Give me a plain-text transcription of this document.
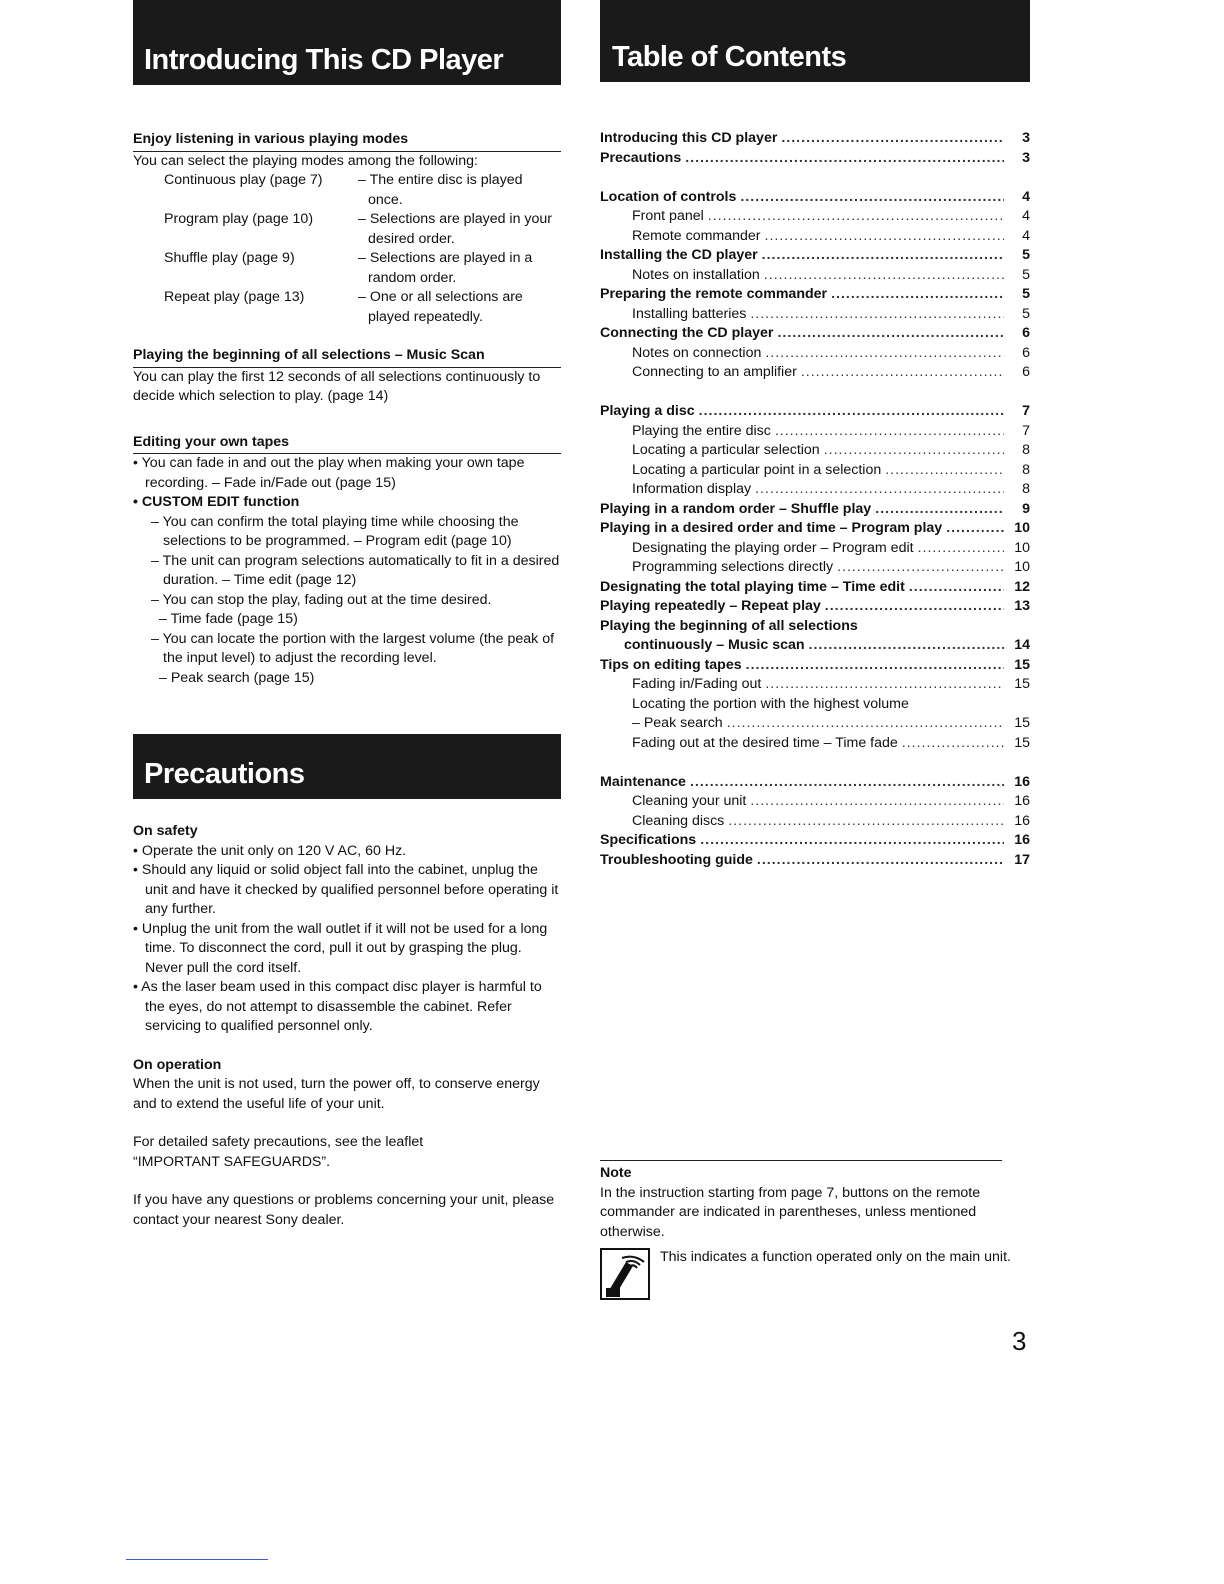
Introducing This CD Player	Table of Contents
Enjoy listening in various playing modes

You can select the playing modes among the following:

Continuous play (page 7)	– The entire disc is played once.
Program play (page 10)	– Selections are played in your desired order.
Shuffle play (page 9)	– Selections are played in a random order.
Repeat play (page 13)	– One or all selections are played repeatedly.
Playing the beginning of all selections – Music Scan

You can play the first 12 seconds of all selections continuously to decide which selection to play. (page 14)

Editing your own tapes

• You can fade in and out the play when making your own tape recording. – Fade in/Fade out (page 15)

• CUSTOM EDIT function

– You can confirm the total playing time while choosing the selections to be programmed. – Program edit (page 10)

– The unit can program selections automatically to fit in a desired duration. – Time edit (page 12)

– You can stop the play, fading out at the time desired.

– Time fade (page 15)

– You can locate the portion with the largest volume (the peak of the input level) to adjust the recording level.

– Peak search (page 15)

Precautions
On safety

• Operate the unit only on 120 V AC, 60 Hz.

• Should any liquid or solid object fall into the cabinet, unplug the unit and have it checked by qualified personnel before operating it any further.

• Unplug the unit from the wall outlet if it will not be used for a long time. To disconnect the cord, pull it out by grasping the plug. Never pull the cord itself.

• As the laser beam used in this compact disc player is harmful to the eyes, do not attempt to disassemble the cabinet. Refer servicing to qualified personnel only.

On operation

When the unit is not used, turn the power off, to conserve energy and to extend the useful life of your unit.

For detailed safety precautions, see the leaflet “IMPORTANT SAFEGUARDS”.

If you have any questions or problems concerning your unit, please contact your nearest Sony dealer.

Introducing this CD player .....	3
Precautions .....	3
Location of controls .....	4
Front panel .....	4
Remote commander .....	4
Installing the CD player .....	5
Notes on installation .....	5
Preparing the remote commander .....	5
Installing batteries .....	5
Connecting the CD player .....	6
Notes on connection .....	6
Connecting to an amplifier .....	6
Playing a disc .....	7
Playing the entire disc .....	7
Locating a particular selection .....	8
Locating a particular point in a selection .....	8
Information display .....	8
Playing in a random order – Shuffle play .....	9
Playing in a desired order and time – Program play .....	10
Designating the playing order – Program edit .....	10
Programming selections directly .....	10
Designating the total playing time – Time edit .....	12
Playing repeatedly – Repeat play .....	13
Playing the beginning of all selections
continuously – Music scan .....	14
Tips on editing tapes .....	15
Fading in/Fading out .....	15
Locating the portion with the highest volume
– Peak search .....	15
Fading out at the desired time – Time fade .....	15
Maintenance .....	16
Cleaning your unit .....	16
Cleaning discs .....	16
Specifications .....	16
Troubleshooting guide .....	17
Note

In the instruction starting from page 7, buttons on the remote commander are indicated in parentheses, unless mentioned otherwise.

This indicates a function operated only on the main unit.
3
